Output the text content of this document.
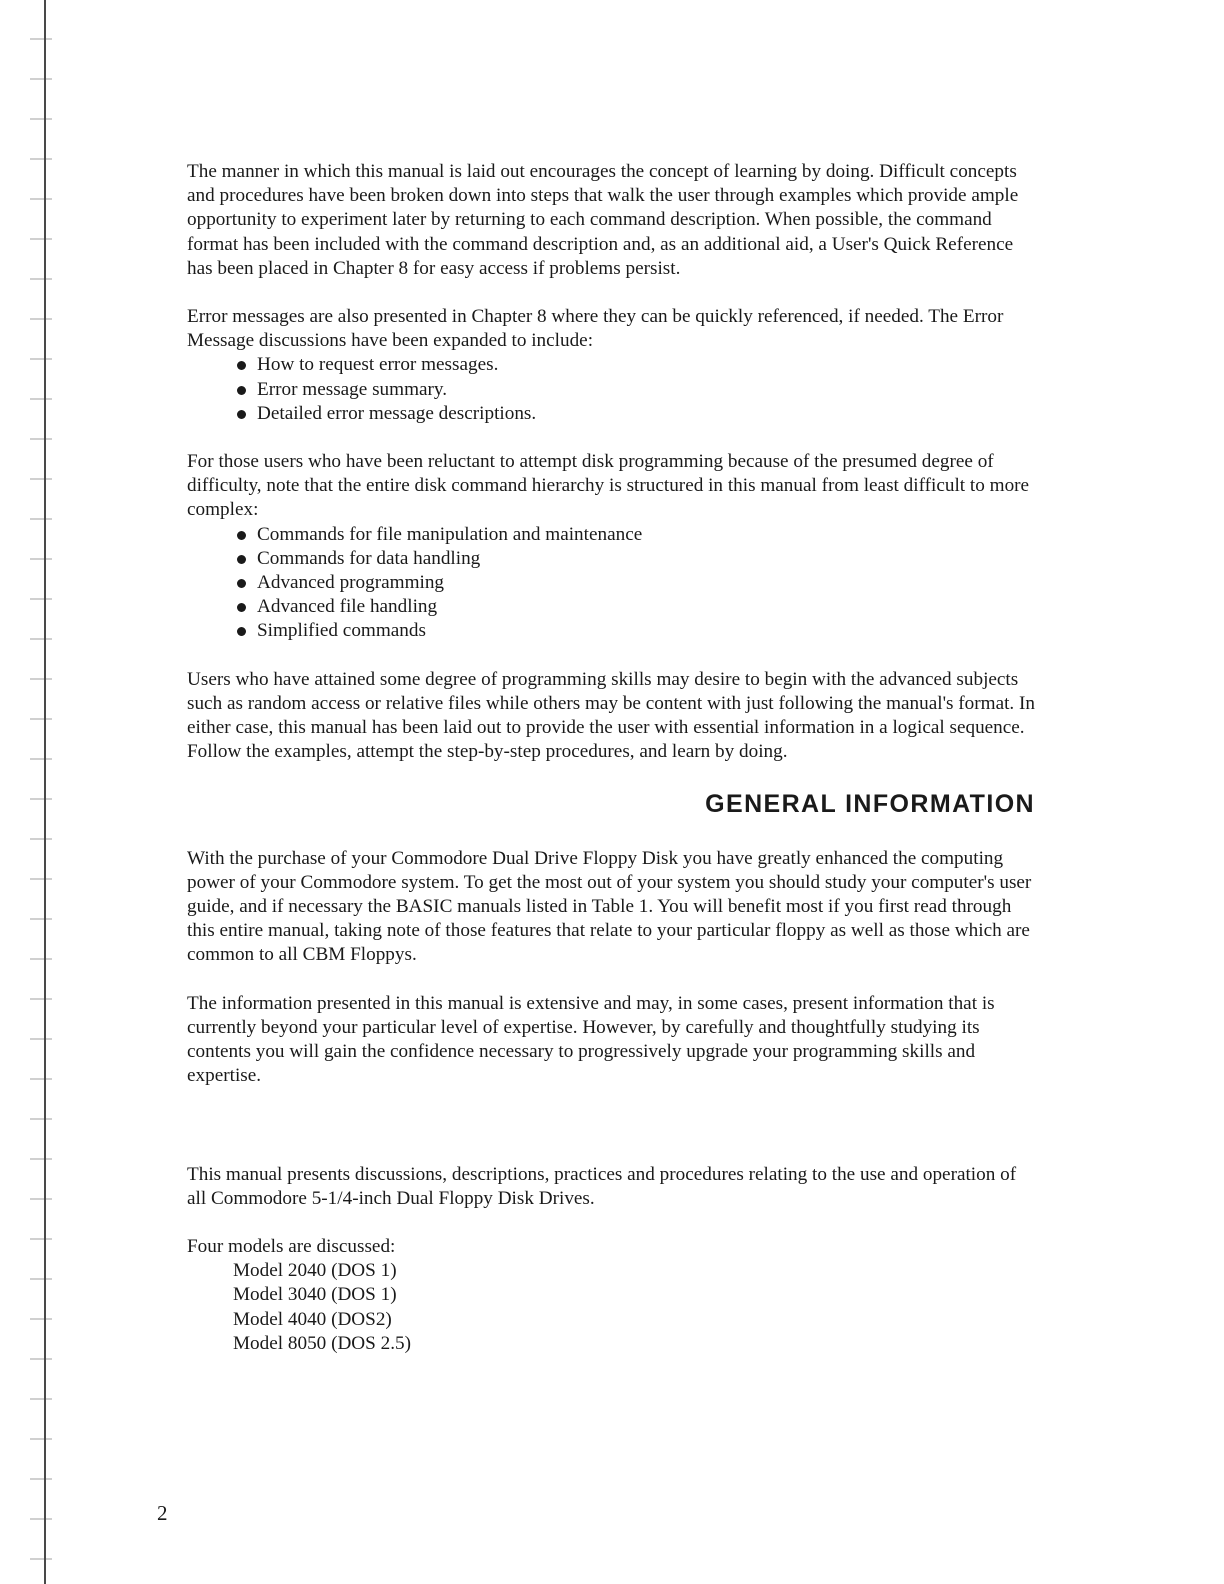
The manner in which this manual is laid out encourages the concept of learning by doing. Difficult concepts and procedures have been broken down into steps that walk the user through examples which provide ample opportunity to experiment later by returning to each command description. When possible, the command format has been included with the command description and, as an additional aid, a User's Quick Reference has been placed in Chapter 8 for easy access if problems persist.

Error messages are also presented in Chapter 8 where they can be quickly referenced, if needed. The Error Message discussions have been expanded to include:

How to request error messages.
Error message summary.
Detailed error message descriptions.

For those users who have been reluctant to attempt disk programming because of the presumed degree of difficulty, note that the entire disk command hierarchy is structured in this manual from least difficult to more complex:

Commands for file manipulation and maintenance
Commands for data handling
Advanced programming
Advanced file handling
Simplified commands

Users who have attained some degree of programming skills may desire to begin with the advanced subjects such as random access or relative files while others may be content with just following the manual's format. In either case, this manual has been laid out to provide the user with essential information in a logical sequence. Follow the examples, attempt the step-by-step procedures, and learn by doing.

GENERAL INFORMATION

With the purchase of your Commodore Dual Drive Floppy Disk you have greatly enhanced the computing power of your Commodore system. To get the most out of your system you should study your computer's user guide, and if necessary the BASIC manuals listed in Table 1. You will benefit most if you first read through this entire manual, taking note of those features that relate to your particular floppy as well as those which are common to all CBM Floppys.

The information presented in this manual is extensive and may, in some cases, present information that is currently beyond your particular level of expertise. However, by carefully and thoughtfully studying its contents you will gain the confidence necessary to progressively upgrade your programming skills and expertise.

This manual presents discussions, descriptions, practices and procedures relating to the use and operation of all Commodore 5-1/4-inch Dual Floppy Disk Drives.

Four models are discussed:

Model 2040 (DOS 1)
Model 3040 (DOS 1)
Model 4040 (DOS2)
Model 8050 (DOS 2.5)
2
